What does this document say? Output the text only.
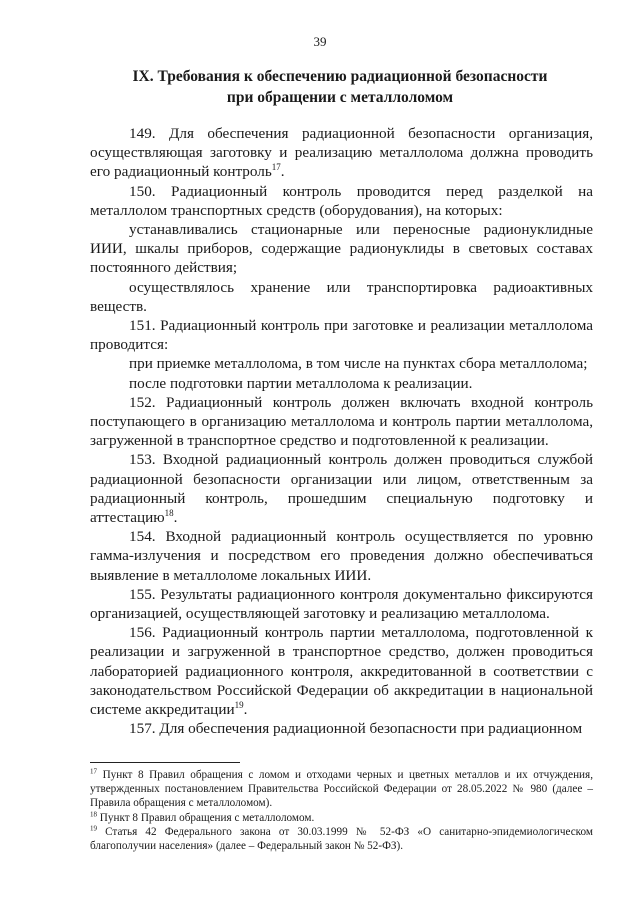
39
IX. Требования к обеспечению радиационной безопасности
при обращении с металлоломом

149. Для обеспечения радиационной безопасности организация, осуществляющая заготовку и реализацию металлолома должна проводить его радиационный контроль$^{17}$.

150. Радиационный контроль проводится перед разделкой на металлолом транспортных средств (оборудования), на которых:

устанавливались стационарные или переносные радионуклидные ИИИ, шкалы приборов, содержащие радионуклиды в световых составах постоянного действия;

осуществлялось хранение или транспортировка радиоактивных веществ.

151. Радиационный контроль при заготовке и реализации металлолома проводится:

при приемке металлолома, в том числе на пунктах сбора металлолома;

после подготовки партии металлолома к реализации.

152. Радиационный контроль должен включать входной контроль поступающего в организацию металлолома и контроль партии металлолома, загруженной в транспортное средство и подготовленной к реализации.

153. Входной радиационный контроль должен проводиться службой радиационной безопасности организации или лицом, ответственным за радиационный контроль, прошедшим специальную подготовку и аттестацию$^{18}$.

154. Входной радиационный контроль осуществляется по уровню гамма-излучения и посредством его проведения должно обеспечиваться выявление в металлоломе локальных ИИИ.

155. Результаты радиационного контроля документально фиксируются организацией, осуществляющей заготовку и реализацию металлолома.

156. Радиационный контроль партии металлолома, подготовленной к реализации и загруженной в транспортное средство, должен проводиться лабораторией радиационного контроля, аккредитованной в соответствии с законодательством Российской Федерации об аккредитации в национальной системе аккредитации$^{19}$.

157. Для обеспечения радиационной безопасности при радиационном

$^{17}$ Пункт 8 Правил обращения с ломом и отходами черных и цветных металлов и их отчуждения, утвержденных постановлением Правительства Российской Федерации от 28.05.2022 № 980 (далее – Правила обращения с металлоломом).

$^{18}$ Пункт 8 Правил обращения с металлоломом.

$^{19}$ Статья 42 Федерального закона от 30.03.1999 № 52-ФЗ «О санитарно-эпидемиологическом благополучии населения» (далее – Федеральный закон № 52-ФЗ).
